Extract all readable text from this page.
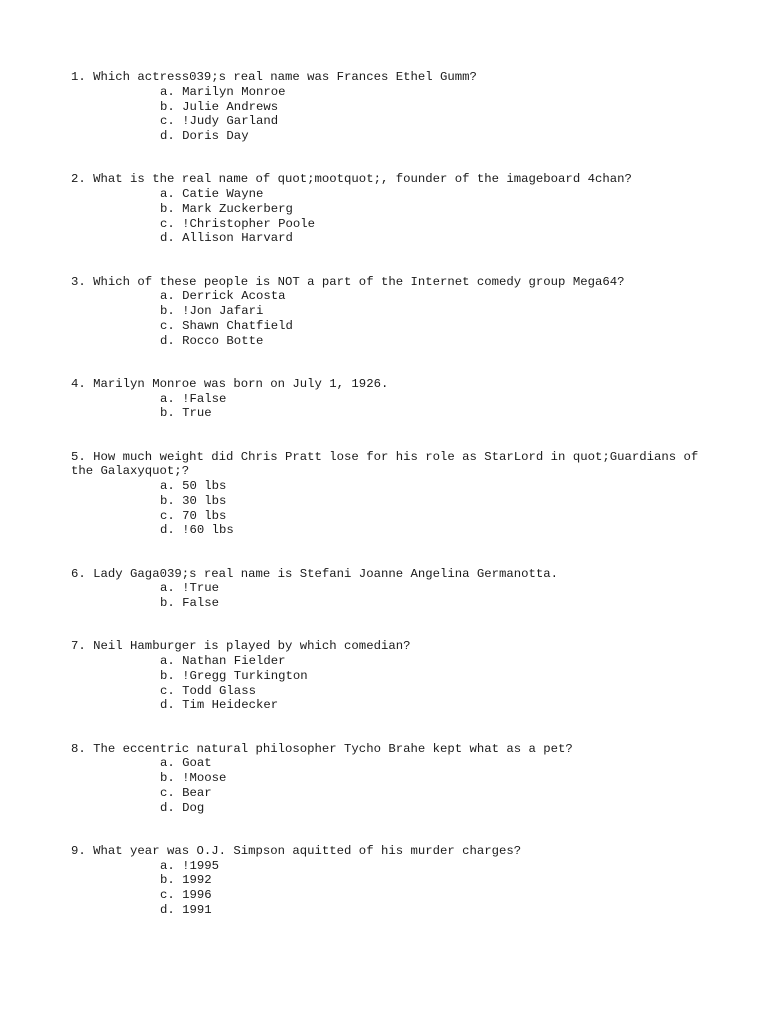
1. Which actress039;s real name was Frances Ethel Gumm?
a. Marilyn Monroe
b. Julie Andrews
c. !Judy Garland
d. Doris Day
2. What is the real name of quot;mootquot;, founder of the imageboard 4chan?
a. Catie Wayne
b. Mark Zuckerberg
c. !Christopher Poole
d. Allison Harvard
3. Which of these people is NOT a part of the Internet comedy group Mega64?
a. Derrick Acosta
b. !Jon Jafari
c. Shawn Chatfield
d. Rocco Botte
4. Marilyn Monroe was born on July 1, 1926.
a. !False
b. True
5. How much weight did Chris Pratt lose for his role as StarLord in quot;Guardians of the Galaxyquot;?
a. 50 lbs
b. 30 lbs
c. 70 lbs
d. !60 lbs
6. Lady Gaga039;s real name is Stefani Joanne Angelina Germanotta.
a. !True
b. False
7. Neil Hamburger is played by which comedian?
a. Nathan Fielder
b. !Gregg Turkington
c. Todd Glass
d. Tim Heidecker
8. The eccentric natural philosopher Tycho Brahe kept what as a pet?
a. Goat
b. !Moose
c. Bear
d. Dog
9. What year was O.J. Simpson aquitted of his murder charges?
a. !1995
b. 1992
c. 1996
d. 1991
